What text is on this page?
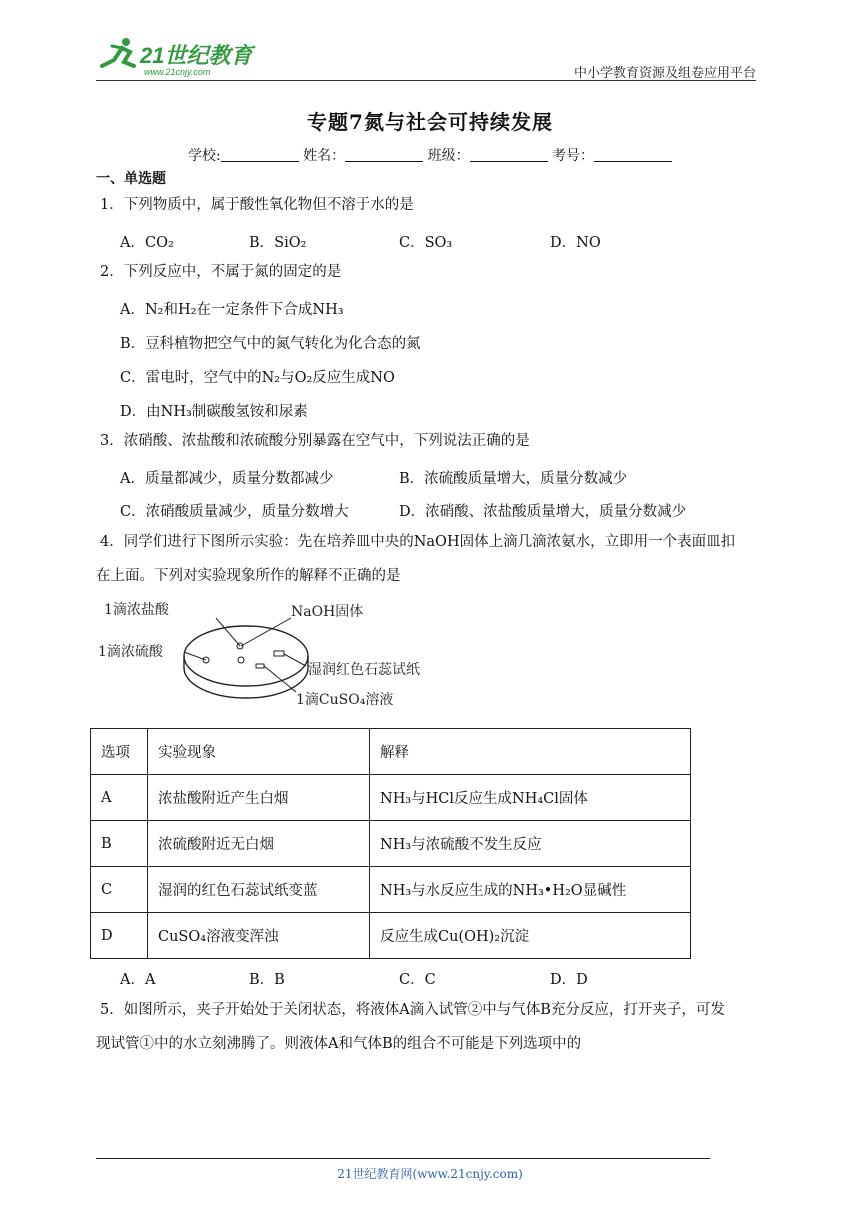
21世纪教育
www.21cnjy.com	中小学教育资源及组卷应用平台
专题7氮与社会可持续发展
学校:	姓名：	班级：	考号：
一、单选题
1．下列物质中，属于酸性氧化物但不溶于水的是
A．CO₂	B．SiO₂	C．SO₃	D．NO
2．下列反应中，不属于氮的固定的是
A．N₂和H₂在一定条件下合成NH₃
B．豆科植物把空气中的氮气转化为化合态的氮
C．雷电时，空气中的N₂与O₂反应生成NO
D．由NH₃制碳酸氢铵和尿素
3．浓硝酸、浓盐酸和浓硫酸分别暴露在空气中，下列说法正确的是
A．质量都减少，质量分数都减少	B．浓硫酸质量增大，质量分数减少
C．浓硝酸质量减少，质量分数增大	D．浓硝酸、浓盐酸质量增大，质量分数减少
4．同学们进行下图所示实验：先在培养皿中央的NaOH固体上滴几滴浓氨水，立即用一个表面皿扣
在上面。下列对实验现象所作的解释不正确的是
1滴浓盐酸	NaOH固体
1滴浓硫酸
湿润红色石蕊试纸
1滴CuSO₄溶液
选项	实验现象	解释
A	浓盐酸附近产生白烟	NH₃与HCl反应生成NH₄Cl固体
B	浓硫酸附近无白烟	NH₃与浓硫酸不发生反应
C	湿润的红色石蕊试纸变蓝	NH₃与水反应生成的NH₃•H₂O显碱性
D	CuSO₄溶液变浑浊	反应生成Cu(OH)₂沉淀
A．A	B．B	C．C	D．D
5．如图所示，夹子开始处于关闭状态，将液体A滴入试管②中与气体B充分反应，打开夹子，可发
现试管①中的水立刻沸腾了。则液体A和气体B的组合不可能是下列选项中的
21世纪教育网(www.21cnjy.com)
